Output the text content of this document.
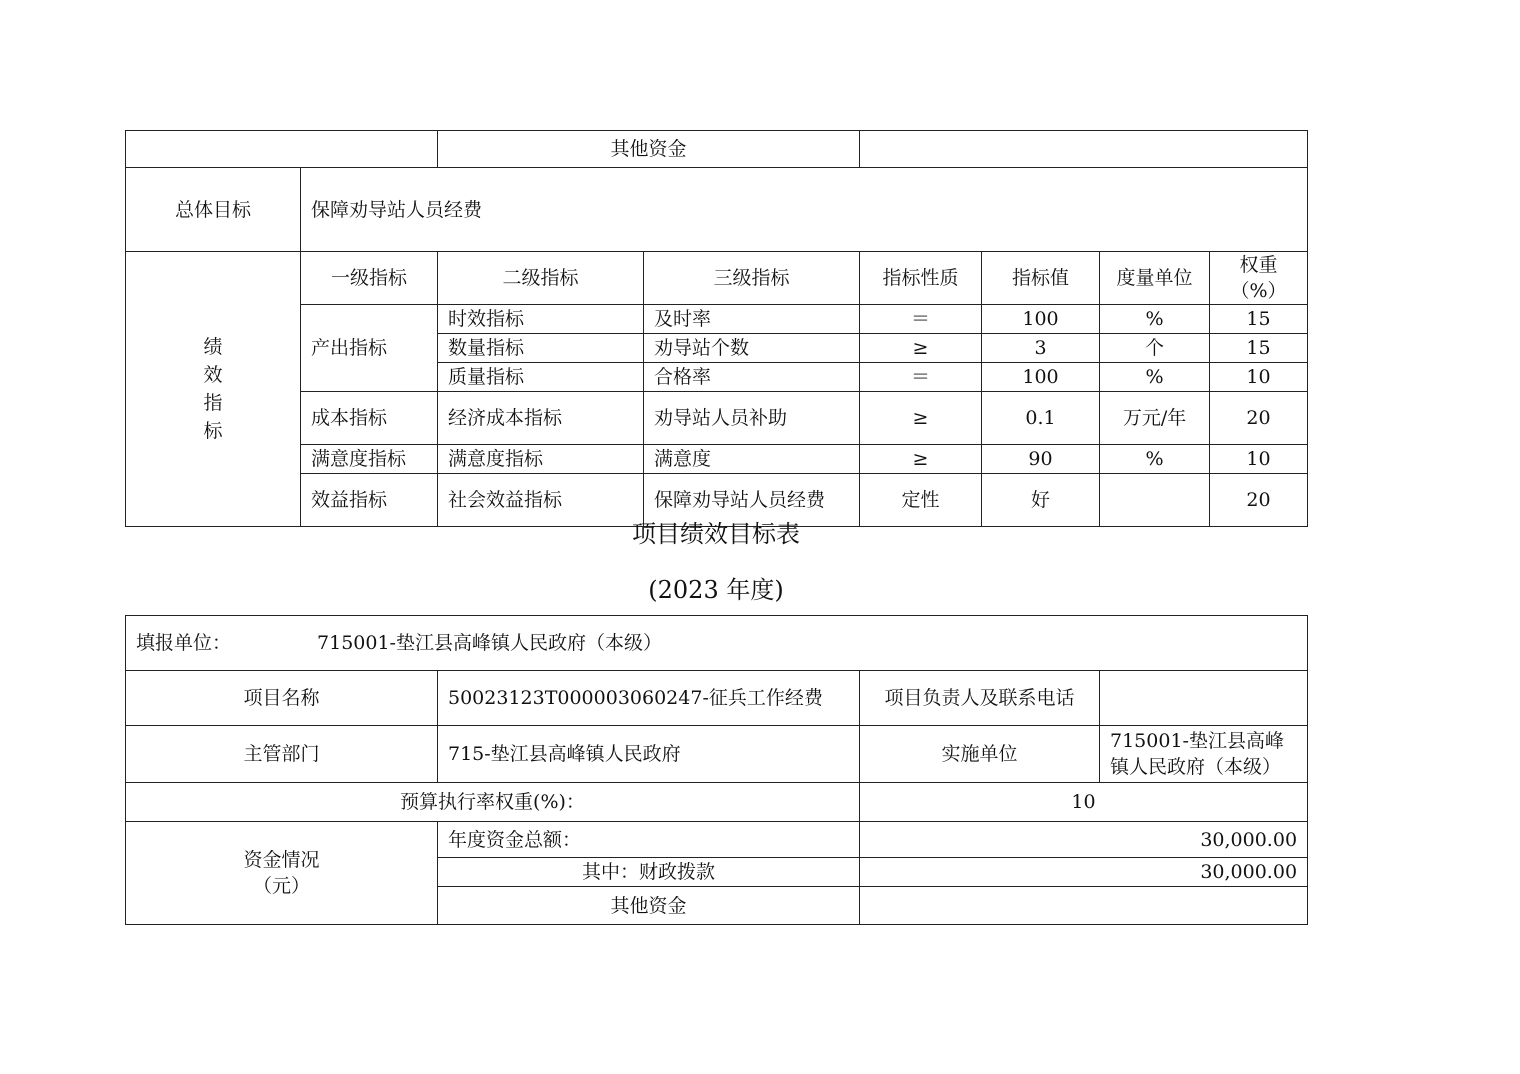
		其他资金					
总体目标	保障劝导站人员经费						

绩
效
指
标	一级指标	二级指标	三级指标	指标性质	指标值	度量单位	权重（%）
	产出指标	时效指标	及时率	＝	100	%	15
		数量指标	劝导站个数	≥	3	个	15
		质量指标	合格率	＝	100	%	10
	成本指标	经济成本指标	劝导站人员补助	≥	0.1	万元/年	20
	满意度指标	满意度指标	满意度	≥	90	%	10
	效益指标	社会效益指标	保障劝导站人员经费	定性	好		20
项目绩效目标表
(2023 年度)
填报单位： 715001-垫江县高峰镇人民政府（本级）			
项目名称	50023123T000003060247-征兵工作经费	项目负责人及联系电话	
主管部门	715-垫江县高峰镇人民政府	实施单位	715001-垫江县高峰镇人民政府（本级）
预算执行率权重(%)：		10	

资金情况
（元）	年度资金总额：	30,000.00	
	其中：财政拨款	30,000.00	
	其他资金		
